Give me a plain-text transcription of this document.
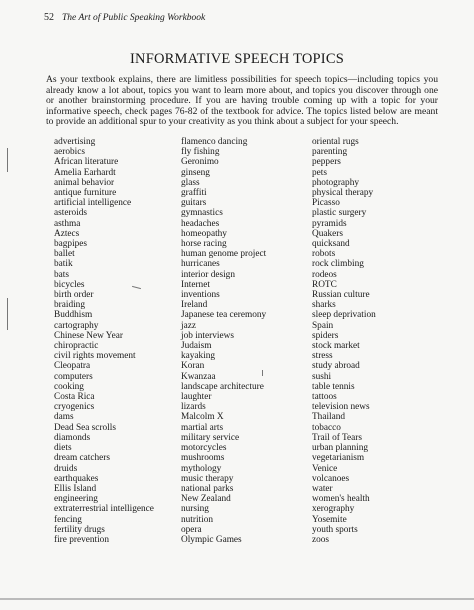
52 The Art of Public Speaking Workbook
INFORMATIVE SPEECH TOPICS
As your textbook explains, there are limitless possibilities for speech topics—including topics you already know a lot about, topics you want to learn more about, and topics you discover through one or another brainstorming procedure. If you are having trouble coming up with a topic for your informative speech, check pages 76-82 of the textbook for advice. The topics listed below are meant to provide an additional spur to your creativity as you think about a subject for your speech.
advertising
aerobics
African literature
Amelia Earhardt
animal behavior
antique furniture
artificial intelligence
asteroids
asthma
Aztecs
bagpipes
ballet
batik
bats
bicycles
birth order
braiding
Buddhism
cartography
Chinese New Year
chiropractic
civil rights movement
Cleopatra
computers
cooking
Costa Rica
cryogenics
dams
Dead Sea scrolls
diamonds
diets
dream catchers
druids
earthquakes
Ellis Island
engineering
extraterrestrial intelligence
fencing
fertility drugs
fire prevention
flamenco dancing
fly fishing
Geronimo
ginseng
glass
graffiti
guitars
gymnastics
headaches
homeopathy
horse racing
human genome project
hurricanes
interior design
Internet
inventions
Ireland
Japanese tea ceremony
jazz
job interviews
Judaism
kayaking
Koran
Kwanzaa
landscape architecture
laughter
lizards
Malcolm X
martial arts
military service
motorcycles
mushrooms
mythology
music therapy
national parks
New Zealand
nursing
nutrition
opera
Olympic Games
oriental rugs
parenting
peppers
pets
photography
physical therapy
Picasso
plastic surgery
pyramids
Quakers
quicksand
robots
rock climbing
rodeos
ROTC
Russian culture
sharks
sleep deprivation
Spain
spiders
stock market
stress
study abroad
sushi
table tennis
tattoos
television news
Thailand
tobacco
Trail of Tears
urban planning
vegetarianism
Venice
volcanoes
water
women's health
xerography
Yosemite
youth sports
zoos
